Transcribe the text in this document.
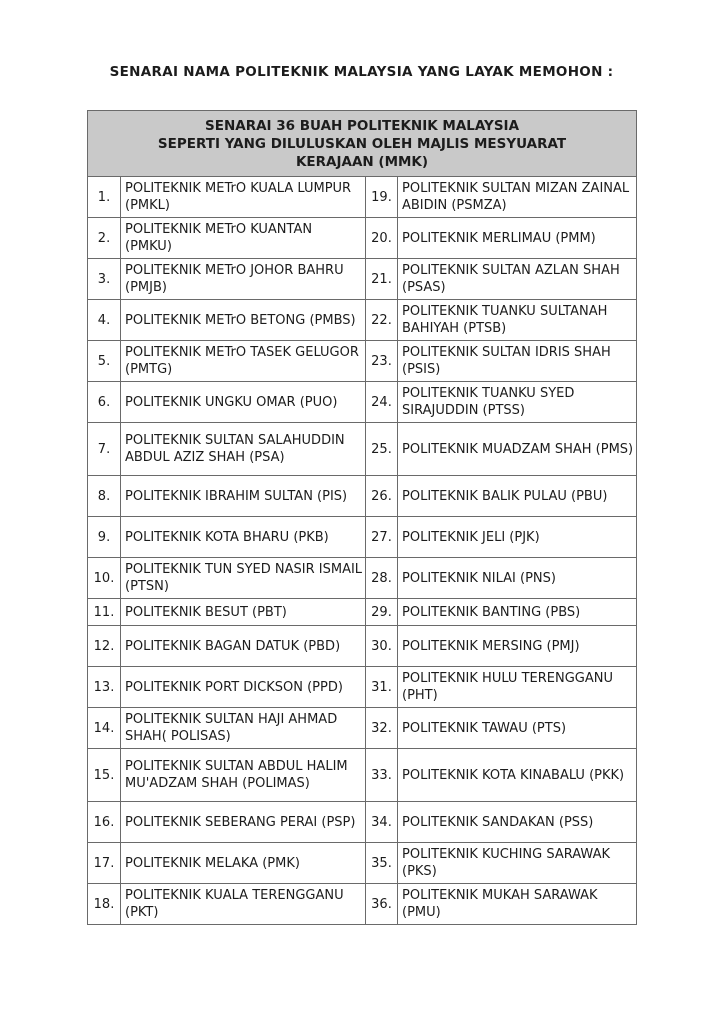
SENARAI NAMA POLITEKNIK MALAYSIA YANG LAYAK MEMOHON :
SENARAI 36 BUAH POLITEKNIK MALAYSIA
SEPERTI YANG DILULUSKAN OLEH MAJLIS MESYUARAT
KERAJAAN (MMK)			

1.	POLITEKNIK METrO KUALA LUMPUR (PMKL)	19.	POLITEKNIK SULTAN MIZAN ZAINAL ABIDIN (PSMZA)
2.	POLITEKNIK METrO KUANTAN (PMKU)	20.	POLITEKNIK MERLIMAU (PMM)
3.	POLITEKNIK METrO JOHOR BAHRU (PMJB)	21.	POLITEKNIK SULTAN AZLAN SHAH (PSAS)
4.	POLITEKNIK METrO BETONG (PMBS)	22.	POLITEKNIK TUANKU SULTANAH BAHIYAH (PTSB)
5.	POLITEKNIK METrO TASEK GELUGOR (PMTG)	23.	POLITEKNIK SULTAN IDRIS SHAH (PSIS)
6.	POLITEKNIK UNGKU OMAR (PUO)	24.	POLITEKNIK TUANKU SYED SIRAJUDDIN (PTSS)
7.	POLITEKNIK SULTAN SALAHUDDIN ABDUL AZIZ SHAH (PSA)	25.	POLITEKNIK MUADZAM SHAH (PMS)
8.	POLITEKNIK IBRAHIM SULTAN (PIS)	26.	POLITEKNIK BALIK PULAU (PBU)
9.	POLITEKNIK KOTA BHARU (PKB)	27.	POLITEKNIK JELI (PJK)
10.	POLITEKNIK TUN SYED NASIR ISMAIL (PTSN)	28.	POLITEKNIK NILAI (PNS)
11.	POLITEKNIK BESUT (PBT)	29.	POLITEKNIK BANTING (PBS)
12.	POLITEKNIK BAGAN DATUK (PBD)	30.	POLITEKNIK MERSING (PMJ)
13.	POLITEKNIK PORT DICKSON (PPD)	31.	POLITEKNIK HULU TERENGGANU (PHT)
14.	POLITEKNIK SULTAN HAJI AHMAD SHAH( POLISAS)	32.	POLITEKNIK TAWAU (PTS)
15.	POLITEKNIK SULTAN ABDUL HALIM MU'ADZAM SHAH (POLIMAS)	33.	POLITEKNIK KOTA KINABALU (PKK)
16.	POLITEKNIK SEBERANG PERAI (PSP)	34.	POLITEKNIK SANDAKAN (PSS)
17.	POLITEKNIK MELAKA (PMK)	35.	POLITEKNIK KUCHING SARAWAK (PKS)
18.	POLITEKNIK KUALA TERENGGANU (PKT)	36.	POLITEKNIK MUKAH SARAWAK (PMU)
